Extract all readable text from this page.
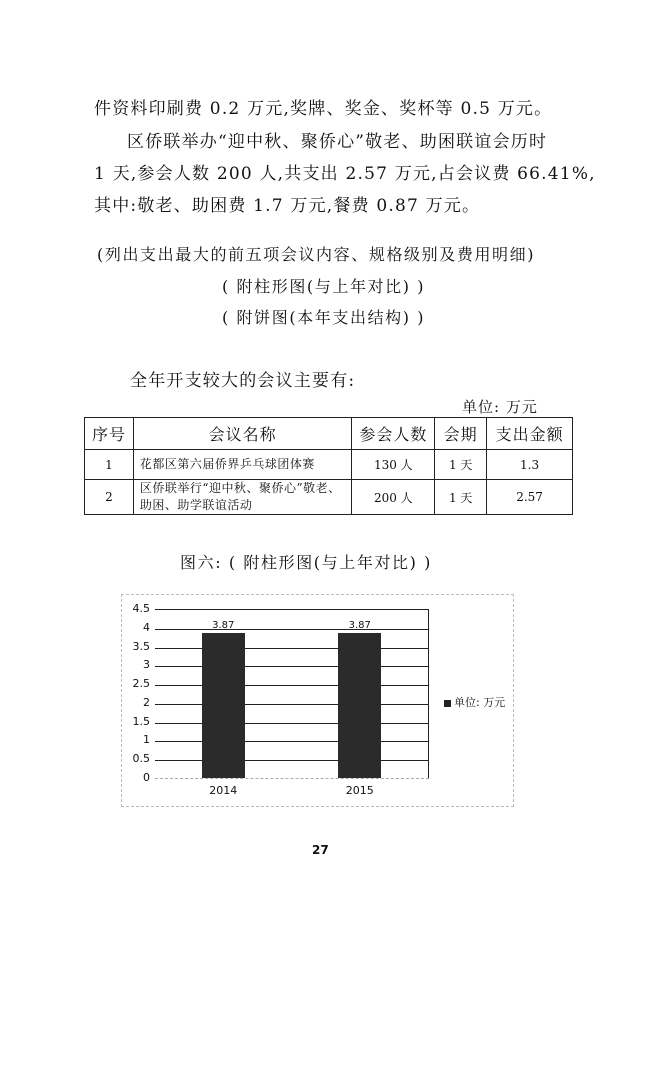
件资料印刷费 0.2 万元,奖牌、奖金、奖杯等 0.5 万元。
区侨联举办“迎中秋、聚侨心”敬老、助困联谊会历时
1 天,参会人数 200 人,共支出 2.57 万元,占会议费 66.41%,
其中:敬老、助困费 1.7 万元,餐费 0.87 万元。
(列出支出最大的前五项会议内容、规格级别及费用明细)
( 附柱形图(与上年对比) )
( 附饼图(本年支出结构) )
全年开支较大的会议主要有:
单位: 万元
序号	会议名称	参会人数	会期	支出金额
1	花都区第六届侨界乒乓球团体赛	130 人	1 天	1.3
2	区侨联举行“迎中秋、聚侨心”敬老、助困、助学联谊活动	200 人	1 天	2.57
图六: ( 附柱形图(与上年对比) )
0
0.5
1
1.5
2
2.5
3
3.5
4
4.5
3.87
2014
3.87
2015
单位: 万元
27
